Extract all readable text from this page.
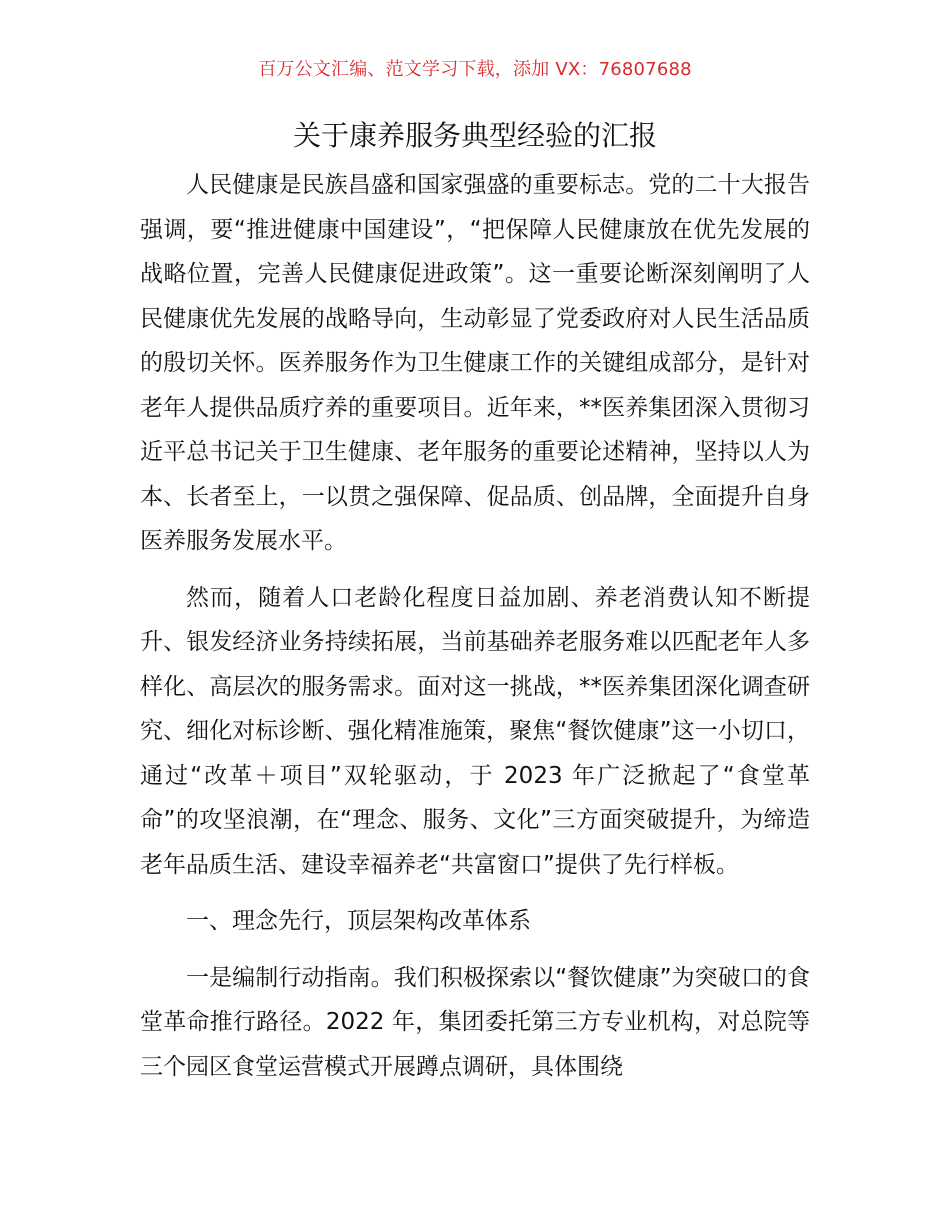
百万公文汇编、范文学习下载，添加 VX：76807688
关于康养服务典型经验的汇报

人民健康是民族昌盛和国家强盛的重要标志。党的二十大报告强调，要“推进健康中国建设”，“把保障人民健康放在优先发展的战略位置，完善人民健康促进政策”。这一重要论断深刻阐明了人民健康优先发展的战略导向，生动彰显了党委政府对人民生活品质的殷切关怀。医养服务作为卫生健康工作的关键组成部分，是针对老年人提供品质疗养的重要项目。近年来，**医养集团深入贯彻习近平总书记关于卫生健康、老年服务的重要论述精神，坚持以人为本、长者至上，一以贯之强保障、促品质、创品牌，全面提升自身医养服务发展水平。

然而，随着人口老龄化程度日益加剧、养老消费认知不断提升、银发经济业务持续拓展，当前基础养老服务难以匹配老年人多样化、高层次的服务需求。面对这一挑战，**医养集团深化调查研究、细化对标诊断、强化精准施策，聚焦“餐饮健康”这一小切口，通过“改革＋项目”双轮驱动，于 2023 年广泛掀起了“食堂革命”的攻坚浪潮，在“理念、服务、文化”三方面突破提升，为缔造老年品质生活、建设幸福养老“共富窗口”提供了先行样板。

一、理念先行，顶层架构改革体系

一是编制行动指南。我们积极探索以“餐饮健康”为突破口的食堂革命推行路径。2022 年，集团委托第三方专业机构，对总院等三个园区食堂运营模式开展蹲点调研，具体围绕
